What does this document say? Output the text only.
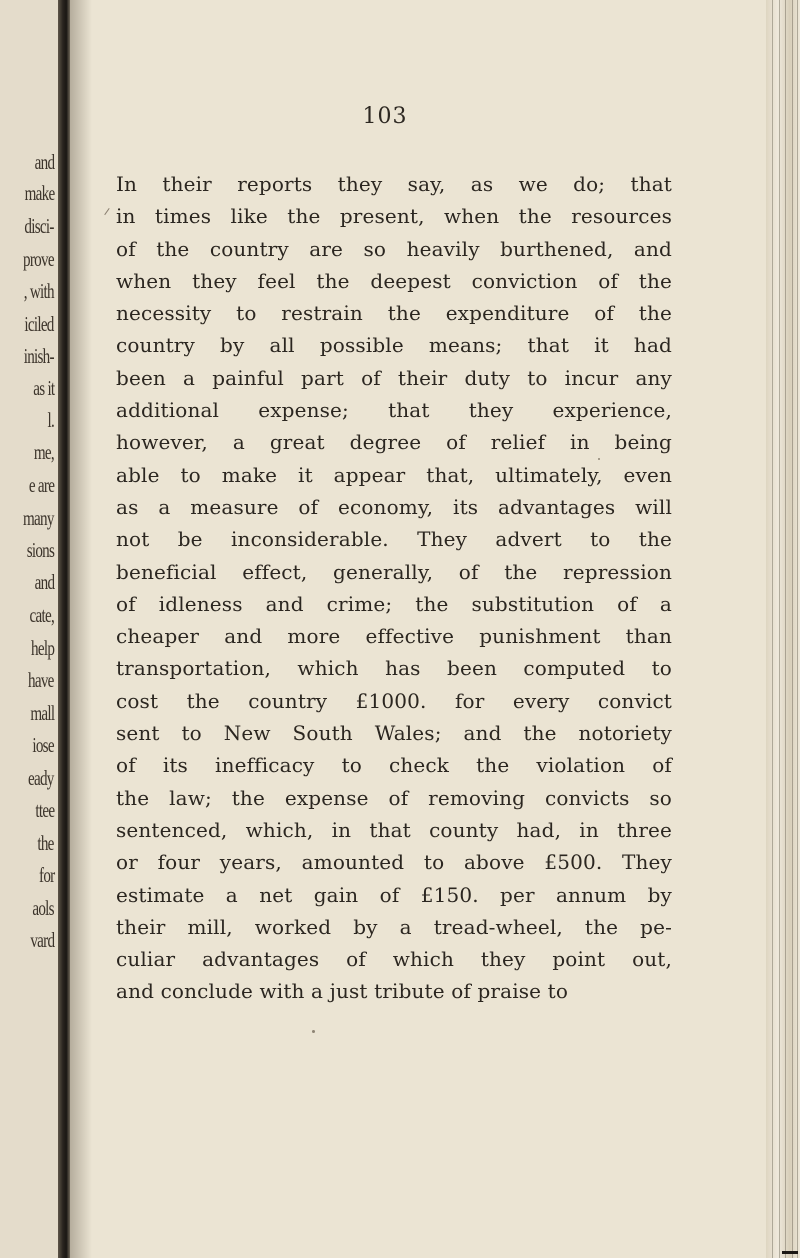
and
make
disci-
prove
, with
iciled
inish-
as it
l.
me,
e are
many
sions
and
cate,
help
have
mall
iose
eady
ttee
the
for
aols
vard
103
In their reports they say, as we do; that
in times like the present, when the resources
of the country are so heavily burthened, and
when they feel the deepest conviction of the
necessity to restrain the expenditure of the
country by all possible means; that it had
been a painful part of their duty to incur any
additional expense; that they experience,
however, a great degree of relief in being
able to make it appear that, ultimately, even
as a measure of economy, its advantages will
not be inconsiderable. They advert to the
beneficial effect, generally, of the repression
of idleness and crime; the substitution of a
cheaper and more effective punishment than
transportation, which has been computed to
cost the country £1000. for every convict
sent to New South Wales; and the notoriety
of its inefficacy to check the violation of
the law; the expense of removing convicts so
sentenced, which, in that county had, in three
or four years, amounted to above £500. They
estimate a net gain of £150. per annum by
their mill, worked by a tread-wheel, the pe-
culiar advantages of which they point out,
and conclude with a just tribute of praise to
